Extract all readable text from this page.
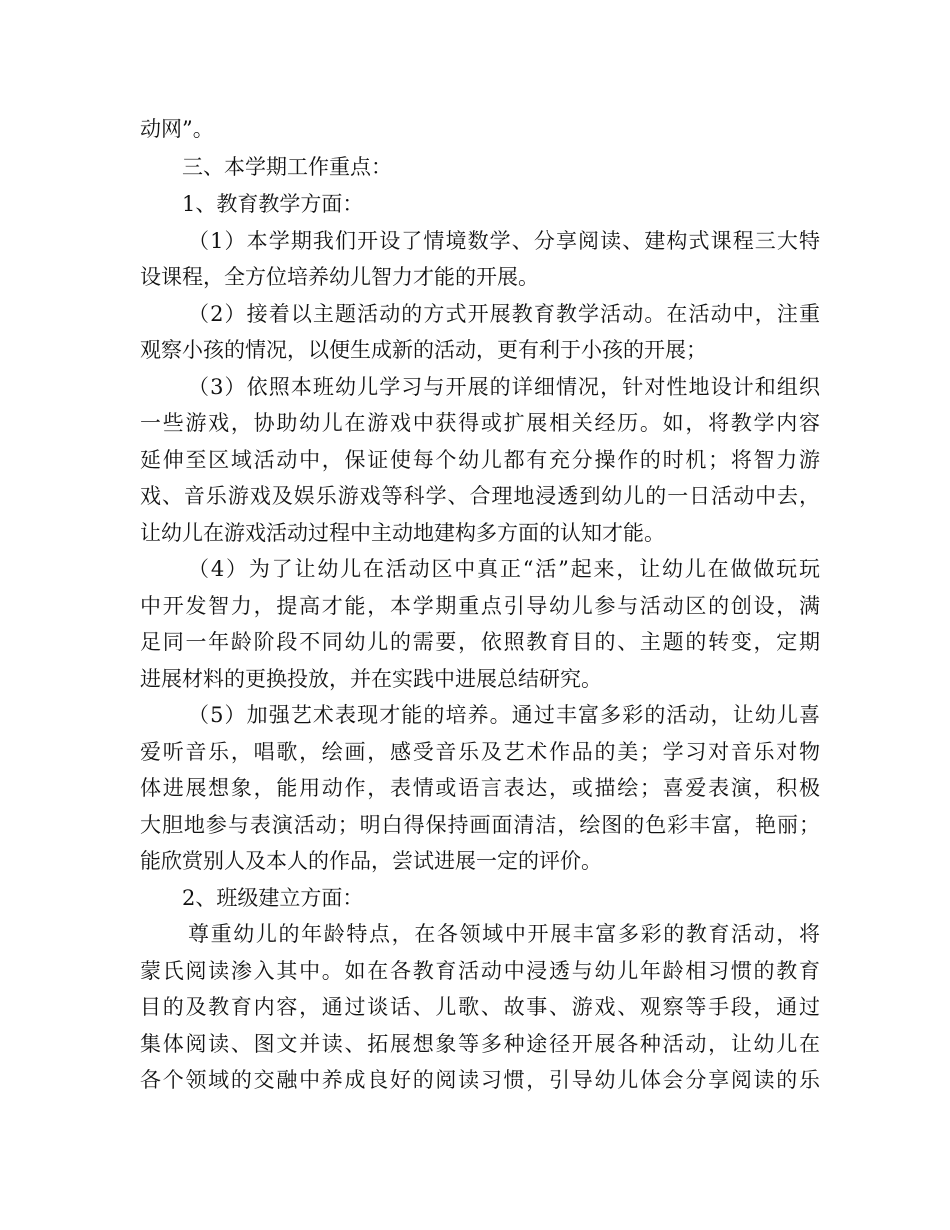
动网”。
三、本学期工作重点：
1、教育教学方面：
（1）本学期我们开设了情境数学、分享阅读、建构式课程三大特
设课程，全方位培养幼儿智力才能的开展。
（2）接着以主题活动的方式开展教育教学活动。在活动中，注重
观察小孩的情况，以便生成新的活动，更有利于小孩的开展；
（3）依照本班幼儿学习与开展的详细情况，针对性地设计和组织
一些游戏，协助幼儿在游戏中获得或扩展相关经历。如，将教学内容
延伸至区域活动中，保证使每个幼儿都有充分操作的时机；将智力游
戏、音乐游戏及娱乐游戏等科学、合理地浸透到幼儿的一日活动中去，
让幼儿在游戏活动过程中主动地建构多方面的认知才能。
（4）为了让幼儿在活动区中真正“活”起来，让幼儿在做做玩玩
中开发智力，提高才能，本学期重点引导幼儿参与活动区的创设，满
足同一年龄阶段不同幼儿的需要，依照教育目的、主题的转变，定期
进展材料的更换投放，并在实践中进展总结研究。
（5）加强艺术表现才能的培养。通过丰富多彩的活动，让幼儿喜
爱听音乐，唱歌，绘画，感受音乐及艺术作品的美；学习对音乐对物
体进展想象，能用动作，表情或语言表达，或描绘；喜爱表演，积极
大胆地参与表演活动；明白得保持画面清洁，绘图的色彩丰富，艳丽；
能欣赏别人及本人的作品，尝试进展一定的评价。
2、班级建立方面：
尊重幼儿的年龄特点，在各领域中开展丰富多彩的教育活动，将
蒙氏阅读渗入其中。如在各教育活动中浸透与幼儿年龄相习惯的教育
目的及教育内容，通过谈话、儿歌、故事、游戏、观察等手段，通过
集体阅读、图文并读、拓展想象等多种途径开展各种活动，让幼儿在
各个领域的交融中养成良好的阅读习惯，引导幼儿体会分享阅读的乐
